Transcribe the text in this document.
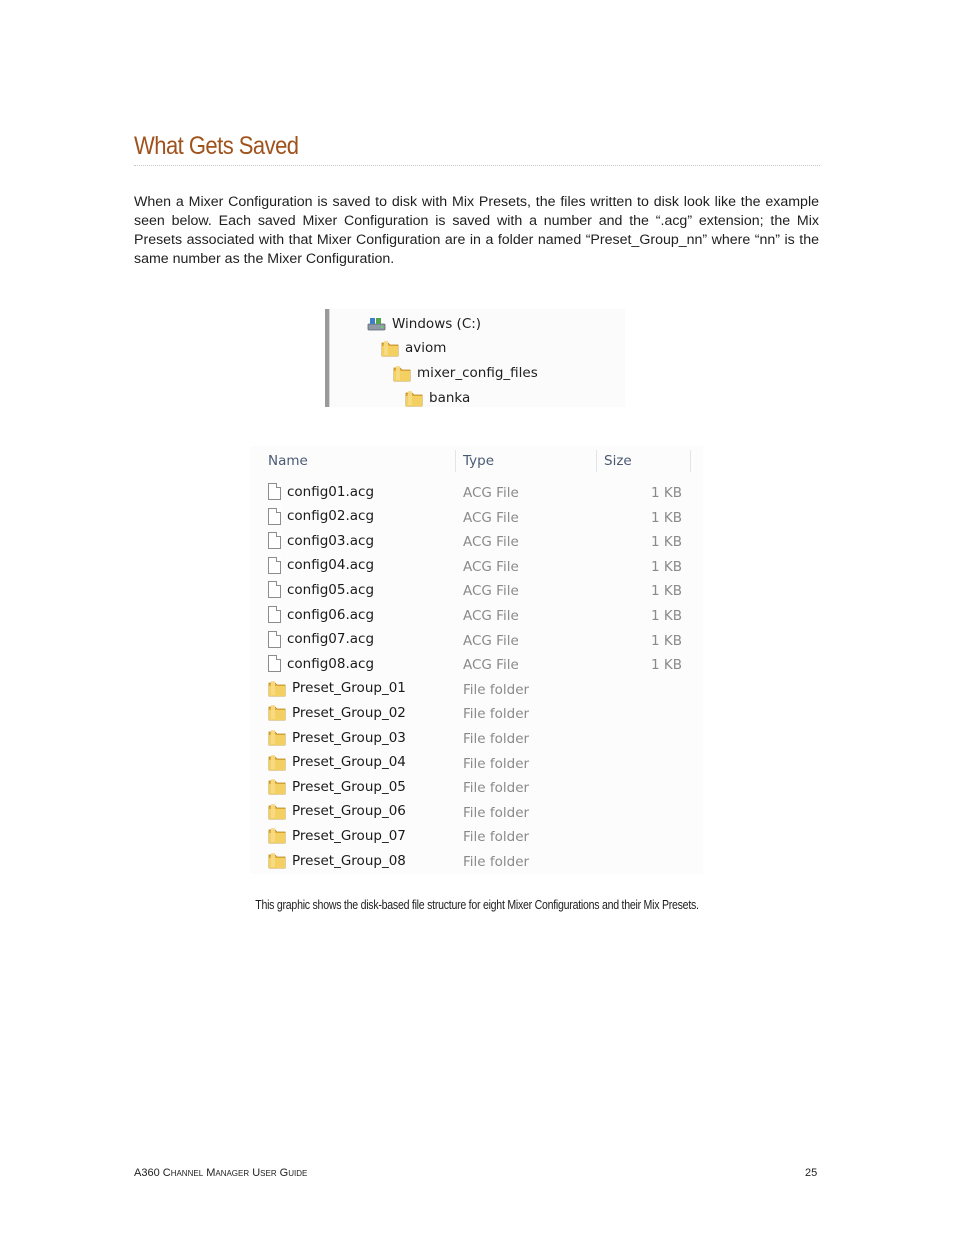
What Gets Saved

When a Mixer Configuration is saved to disk with Mix Presets, the files written to disk look like the example seen below. Each saved Mixer Configuration is saved with a number and the “.acg” extension; the Mix Presets associated with that Mixer Configuration are in a folder named “Preset_Group_nn” where “nn” is the same number as the Mixer Configuration.

Windows (C:)
aviom
mixer_config_files
banka
Name	Type	Size
config01.acg	ACG File	1 KB
config02.acg	ACG File	1 KB
config03.acg	ACG File	1 KB
config04.acg	ACG File	1 KB
config05.acg	ACG File	1 KB
config06.acg	ACG File	1 KB
config07.acg	ACG File	1 KB
config08.acg	ACG File	1 KB
Preset_Group_01	File folder
Preset_Group_02	File folder
Preset_Group_03	File folder
Preset_Group_04	File folder
Preset_Group_05	File folder
Preset_Group_06	File folder
Preset_Group_07	File folder
Preset_Group_08	File folder
This graphic shows the disk-based file structure for eight Mixer Configurations and their Mix Presets.
A360 Channel Manager User Guide	25
